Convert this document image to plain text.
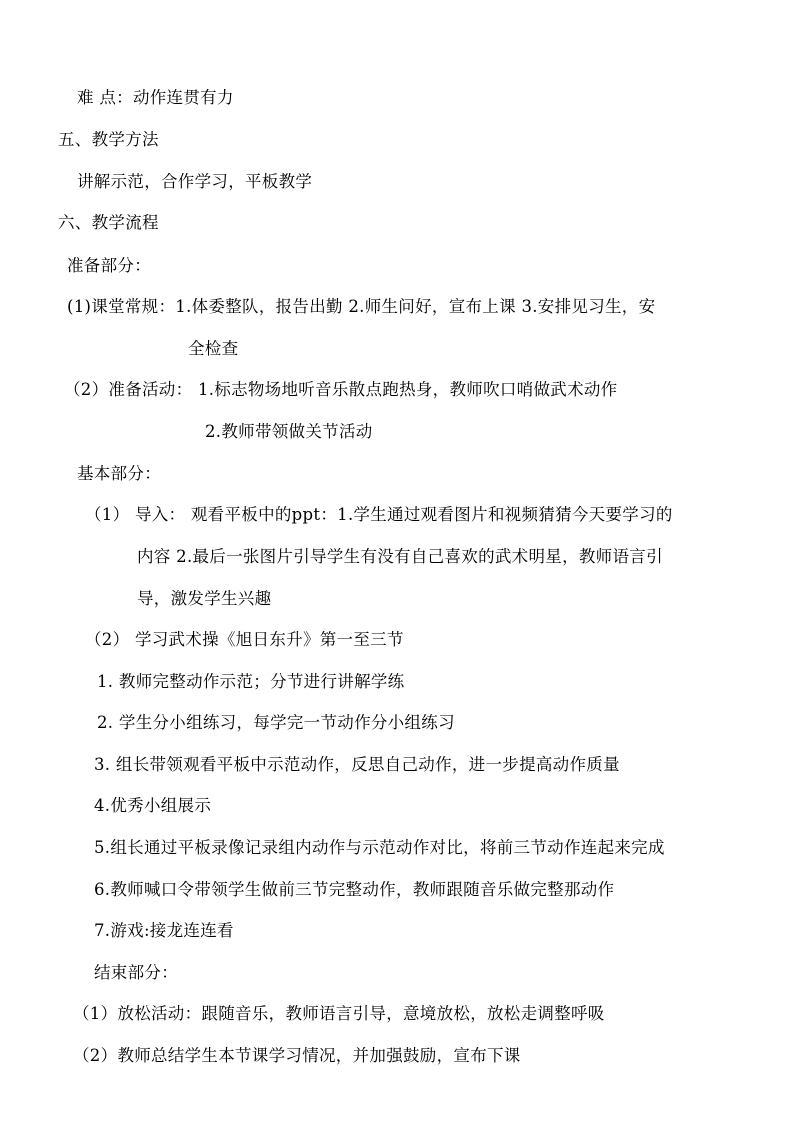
难 点：动作连贯有力
五、教学方法
讲解示范，合作学习，平板教学
六、教学流程
准备部分：
(1)课堂常规：1.体委整队，报告出勤 2.师生问好，宣布上课 3.安排见习生，安
全检查
（2）准备活动： 1.标志物场地听音乐散点跑热身，教师吹口哨做武术动作
2.教师带领做关节活动
基本部分：
（1） 导入： 观看平板中的ppt：1.学生通过观看图片和视频猜猜今天要学习的
内容 2.最后一张图片引导学生有没有自己喜欢的武术明星，教师语言引
导，激发学生兴趣
（2） 学习武术操《旭日东升》第一至三节
1. 教师完整动作示范；分节进行讲解学练
2. 学生分小组练习，每学完一节动作分小组练习
3. 组长带领观看平板中示范动作，反思自己动作，进一步提高动作质量
4.优秀小组展示
5.组长通过平板录像记录组内动作与示范动作对比，将前三节动作连起来完成
6.教师喊口令带领学生做前三节完整动作，教师跟随音乐做完整那动作
7.游戏:接龙连连看
结束部分：
（1）放松活动：跟随音乐，教师语言引导，意境放松，放松走调整呼吸
（2）教师总结学生本节课学习情况，并加强鼓励，宣布下课
